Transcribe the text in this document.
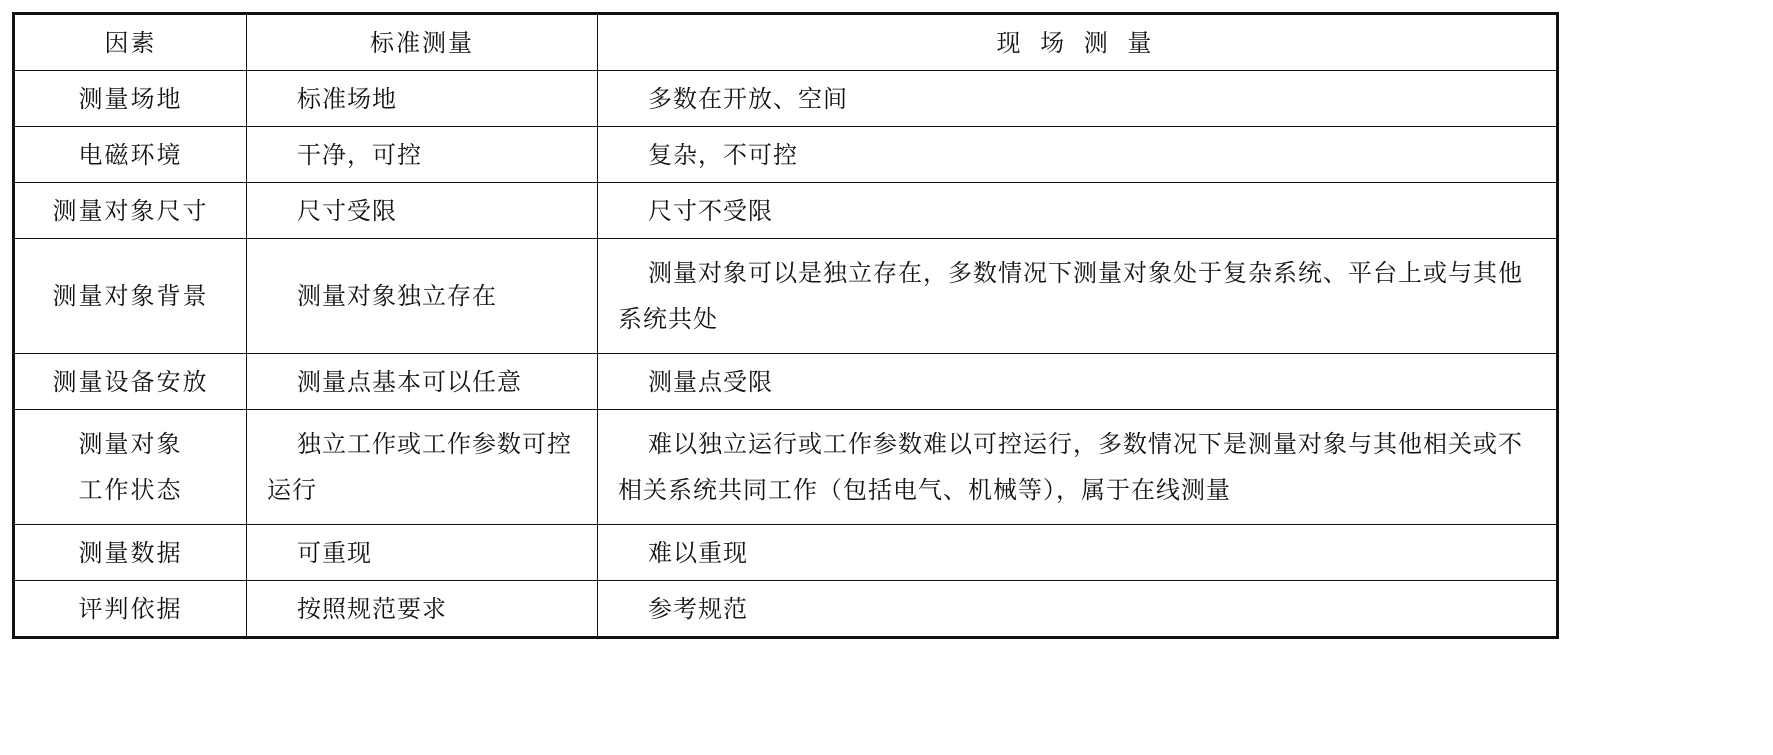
因素	标准测量	现 场 测 量
测量场地	标准场地	多数在开放、空间
电磁环境	干净，可控	复杂，不可控
测量对象尺寸	尺寸受限	尺寸不受限
测量对象背景	测量对象独立存在	测量对象可以是独立存在，多数情况下测量对象处于复杂系统、平台上或与其他系统共处
测量设备安放	测量点基本可以任意	测量点受限

测量对象
工作状态	独立工作或工作参数可控运行	难以独立运行或工作参数难以可控运行，多数情况下是测量对象与其他相关或不相关系统共同工作（包括电气、机械等），属于在线测量
测量数据	可重现	难以重现
评判依据	按照规范要求	参考规范
